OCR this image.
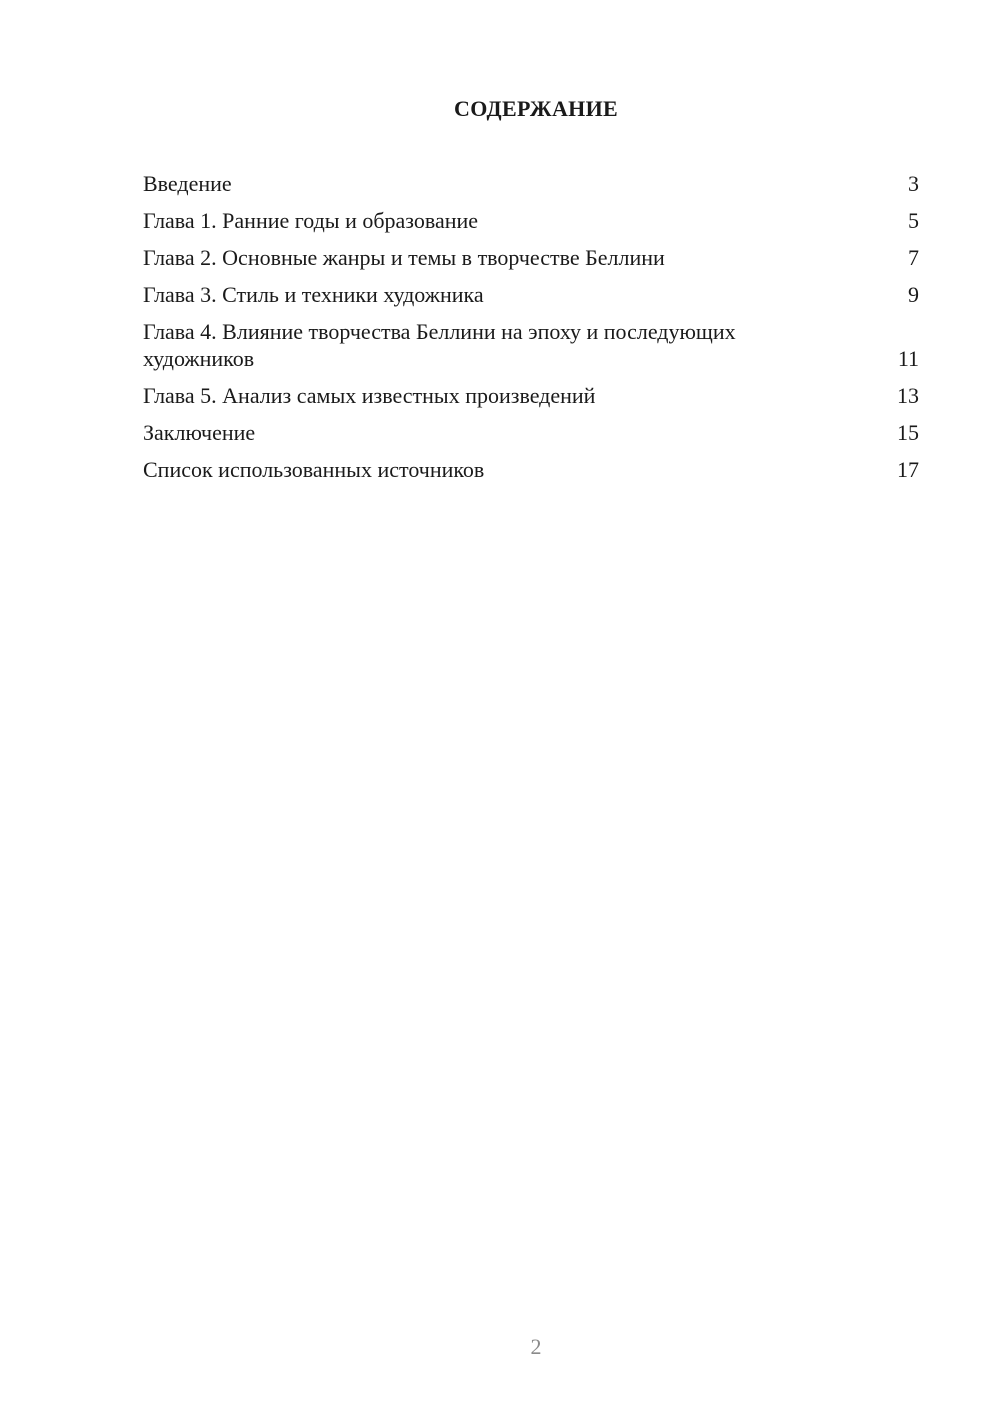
СОДЕРЖАНИЕ
Введение	3
Глава 1. Ранние годы и образование	5
Глава 2. Основные жанры и темы в творчестве Беллини	7
Глава 3. Стиль и техники художника	9
Глава 4. Влияние творчества Беллини на эпоху и последующих художников	11
Глава 5. Анализ самых известных произведений	13
Заключение	15
Список использованных источников	17
2
